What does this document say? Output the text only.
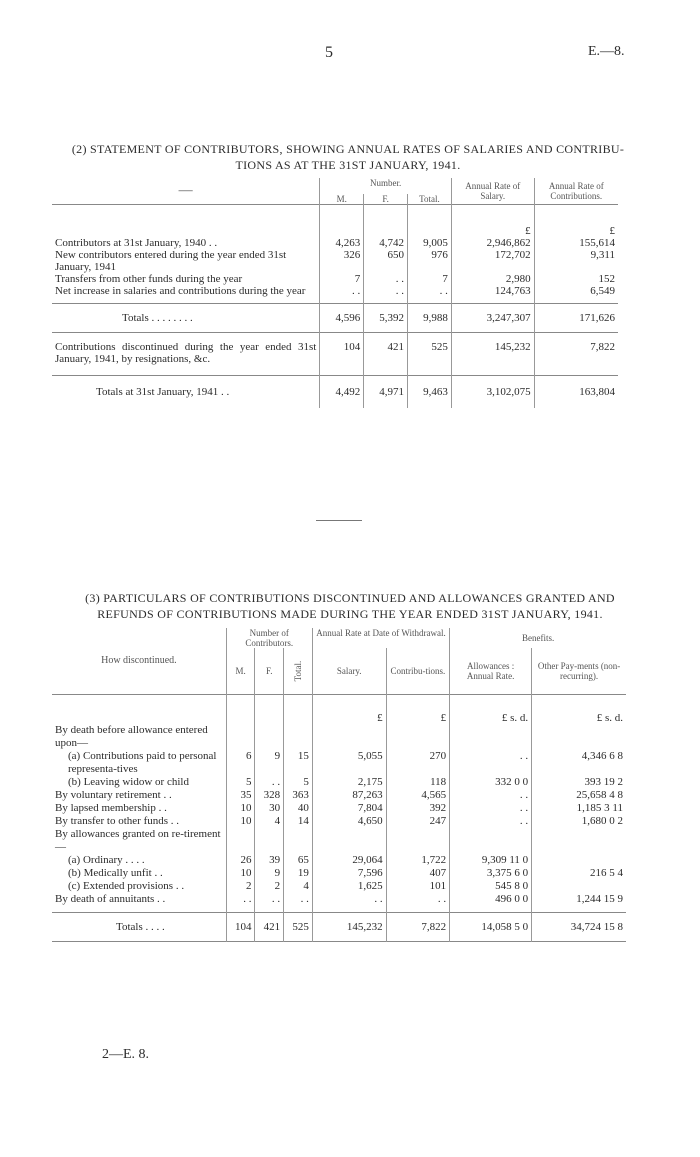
5	E.—8.
(2) STATEMENT OF CONTRIBUTORS, SHOWING ANNUAL RATES OF SALARIES AND CONTRIBU-
TIONS AS AT THE 31ST JANUARY, 1941.
—	Number.			Annual Rate of Salary.	Annual Rate of Contributions.
	M.	F.	Total.		

				£	£
Contributors at 31st January, 1940 . .	4,263	4,742	9,005	2,946,862	155,614
New contributors entered during the year ended 31st January, 1941	326	650	976	172,702	9,311
Transfers from other funds during the year	7	. .	7	2,980	152
Net increase in salaries and contributions during the year	. .	. .	. .	124,763	6,549

Totals . . . . . . . .	4,596	5,392	9,988	3,247,307	171,626
Contributions discontinued during the year ended 31st January, 1941, by resignations, &c.	104	421	525	145,232	7,822
Totals at 31st January, 1941 . .	4,492	4,971	9,463	3,102,075	163,804
(3) PARTICULARS OF CONTRIBUTIONS DISCONTINUED AND ALLOWANCES GRANTED AND
REFUNDS OF CONTRIBUTIONS MADE DURING THE YEAR ENDED 31ST JANUARY, 1941.
How discontinued.	Number of Contributors.			Annual Rate at Date of Withdrawal.		Benefits.	
	M.	F.	Total.	Salary.	Contribu-tions.	Allowances : Annual Rate.	Other Pay-ments (non-recurring).

				£	£	£ s. d.	£ s. d.
By death before allowance entered upon—							
(a) Contributions paid to personal representa-tives	6	9	15	5,055	270	. .	4,346 6 8
(b) Leaving widow or child	5	. .	5	2,175	118	332 0 0	393 19 2
By voluntary retirement . .	35	328	363	87,263	4,565	. .	25,658 4 8
By lapsed membership . .	10	30	40	7,804	392	. .	1,185 3 11
By transfer to other funds . .	10	4	14	4,650	247	. .	1,680 0 2
By allowances granted on re-tirement—							
(a) Ordinary . . . .	26	39	65	29,064	1,722	9,309 11 0	
(b) Medically unfit . .	10	9	19	7,596	407	3,375 6 0	216 5 4
(c) Extended provisions . .	2	2	4	1,625	101	545 8 0	
By death of annuitants . .	. .	. .	. .	. .	. .	496 0 0	1,244 15 9

Totals . . . .	104	421	525	145,232	7,822	14,058 5 0	34,724 15 8
2—E. 8.
